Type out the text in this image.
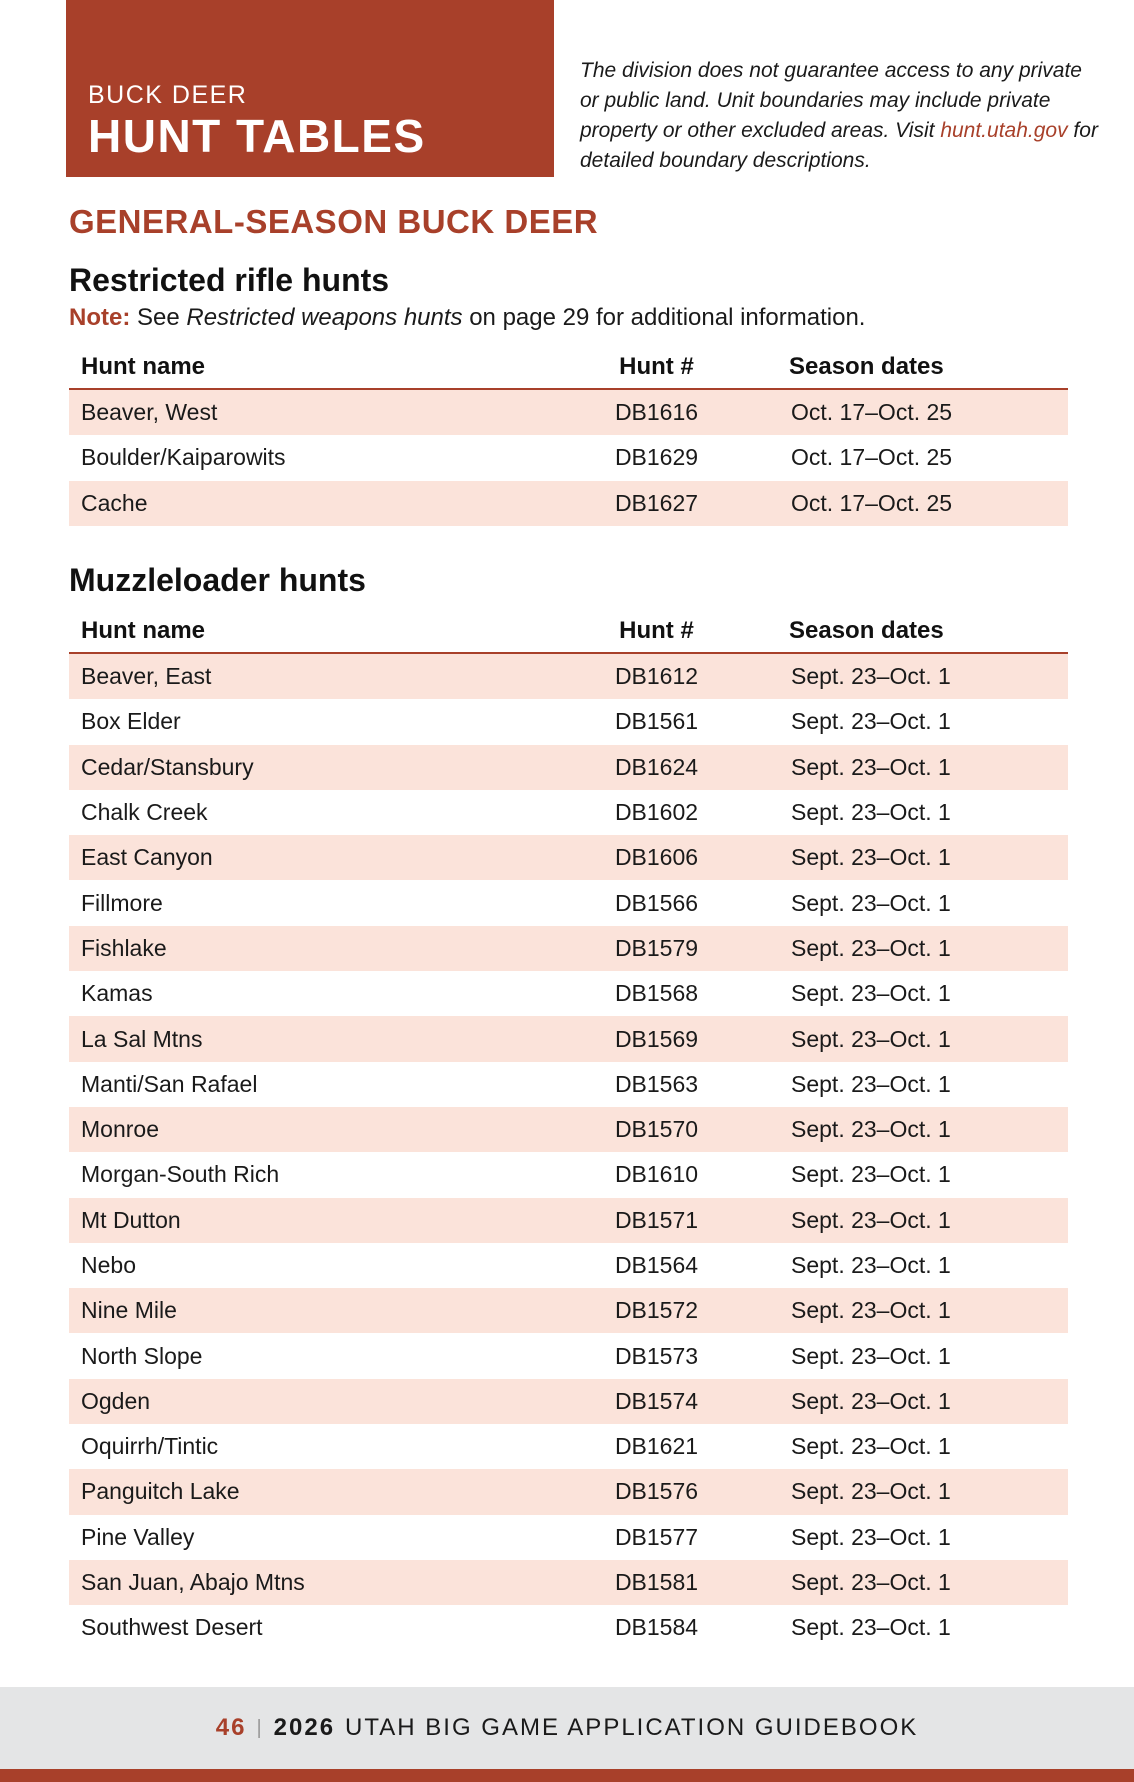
BUCK DEER
HUNT TABLES
The division does not guarantee access to any private or public land. Unit boundaries may include private property or other excluded areas. Visit hunt.utah.gov for detailed boundary descriptions.
GENERAL-SEASON BUCK DEER
Restricted rifle hunts
Note: See Restricted weapons hunts on page 29 for additional information.
Hunt name	Hunt #	Season dates
Beaver, West	DB1616	Oct. 17–Oct. 25
Boulder/Kaiparowits	DB1629	Oct. 17–Oct. 25
Cache	DB1627	Oct. 17–Oct. 25
Muzzleloader hunts
Hunt name	Hunt #	Season dates
Beaver, East	DB1612	Sept. 23–Oct. 1
Box Elder	DB1561	Sept. 23–Oct. 1
Cedar/Stansbury	DB1624	Sept. 23–Oct. 1
Chalk Creek	DB1602	Sept. 23–Oct. 1
East Canyon	DB1606	Sept. 23–Oct. 1
Fillmore	DB1566	Sept. 23–Oct. 1
Fishlake	DB1579	Sept. 23–Oct. 1
Kamas	DB1568	Sept. 23–Oct. 1
La Sal Mtns	DB1569	Sept. 23–Oct. 1
Manti/San Rafael	DB1563	Sept. 23–Oct. 1
Monroe	DB1570	Sept. 23–Oct. 1
Morgan-South Rich	DB1610	Sept. 23–Oct. 1
Mt Dutton	DB1571	Sept. 23–Oct. 1
Nebo	DB1564	Sept. 23–Oct. 1
Nine Mile	DB1572	Sept. 23–Oct. 1
North Slope	DB1573	Sept. 23–Oct. 1
Ogden	DB1574	Sept. 23–Oct. 1
Oquirrh/Tintic	DB1621	Sept. 23–Oct. 1
Panguitch Lake	DB1576	Sept. 23–Oct. 1
Pine Valley	DB1577	Sept. 23–Oct. 1
San Juan, Abajo Mtns	DB1581	Sept. 23–Oct. 1
Southwest Desert	DB1584	Sept. 23–Oct. 1
46 | 2026 UTAH BIG GAME APPLICATION GUIDEBOOK
